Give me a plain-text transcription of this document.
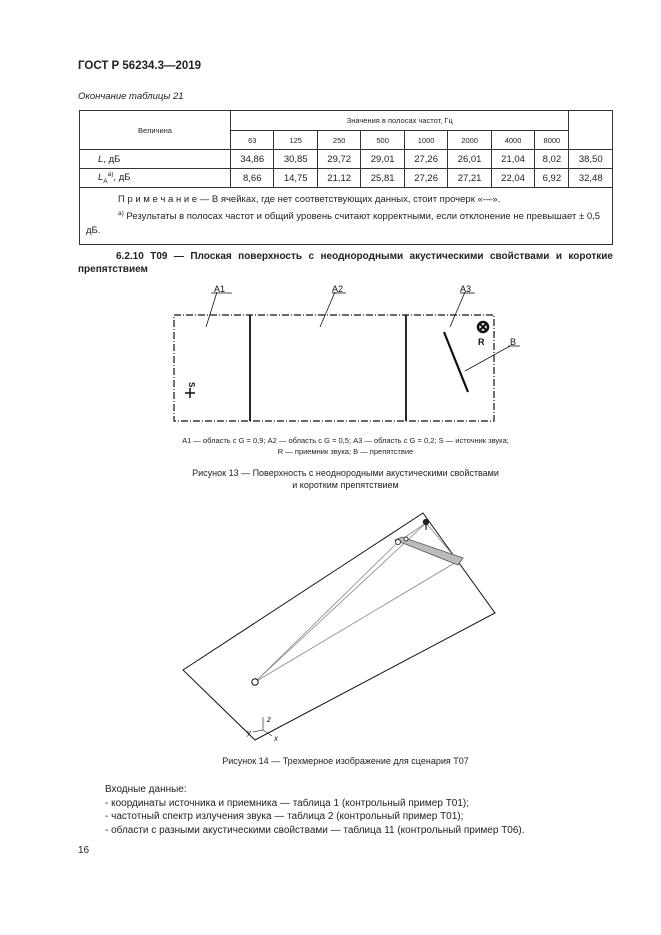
ГОСТ Р 56234.3—2019
Окончание таблицы 21
Величина	Значения в полосах частот, Гц								
	63	125	250	500	1000	2000	4000	8000	
L, дБ	34,86	30,85	29,72	29,01	27,26	26,01	21,04	8,02	38,50
$L_A^{a)}$, дБ	8,66	14,75	21,12	25,81	27,26	27,21	22,04	6,92	32,48

П р и м е ч а н и е — В ячейках, где нет соответствующих данных, стоит прочерк «—».
$^{a)}$ Результаты в полосах частот и общий уровень считают корректными, если отклонение не превышает ± 0,5 дБ.									
6.2.10 Т09 — Плоская поверхность с неоднородными акустическими свойствами и короткие препятствием
А1	А2	А3
B
R
S
А1 — область с G = 0,9; А2 — область с G = 0,5; А3 — область с G = 0,2; S — источник звука;
R — приемник звука; B — препятствие
Рисунок 13 — Поверхность с неоднородными акустическими свойствами
и коротким препятствием
z
y
x
Рисунок 14 — Трехмерное изображение для сценария Т07
Входные данные:
- координаты источника и приемника — таблица 1 (контрольный пример Т01);
- частотный спектр излучения звука — таблица 2 (контрольный пример Т01);
- области с разными акустическими свойствами — таблица 11 (контрольный пример Т06).
16
